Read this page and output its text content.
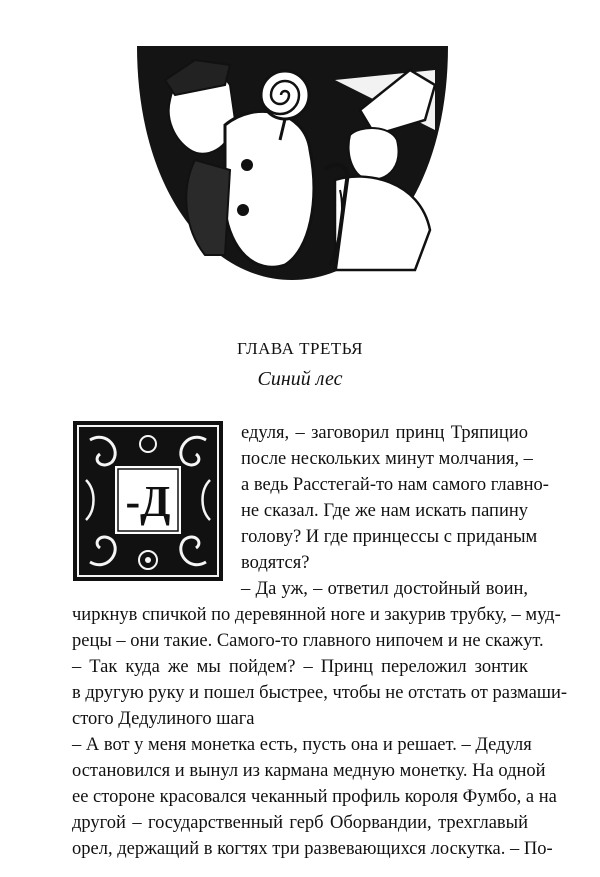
ГЛАВА ТРЕТЬЯ
Синий лес
-Д

едуля, – заговорил принц Тряпицио

после нескольких минут молчания, –

а ведь Расстегай-то нам самого главно-

не сказал. Где же нам искать папину

голову? И где принцессы с приданым

водятся?

– Да уж, – ответил достойный воин,

чиркнув спичкой по деревянной ноге и закурив трубку, – муд-

рецы – они такие. Самого-то главного нипочем и не скажут.

– Так куда же мы пойдем? – Принц переложил зонтик

в другую руку и пошел быстрее, чтобы не отстать от размаши-

стого Дедулиного шага

– А вот у меня монетка есть, пусть она и решает. – Дедуля

остановился и вынул из кармана медную монетку. На одной

ее стороне красовался чеканный профиль короля Фумбо, а на

другой – государственный герб Оборвандии, трехглавый

орел, держащий в когтях три развевающихся лоскутка. – По-
